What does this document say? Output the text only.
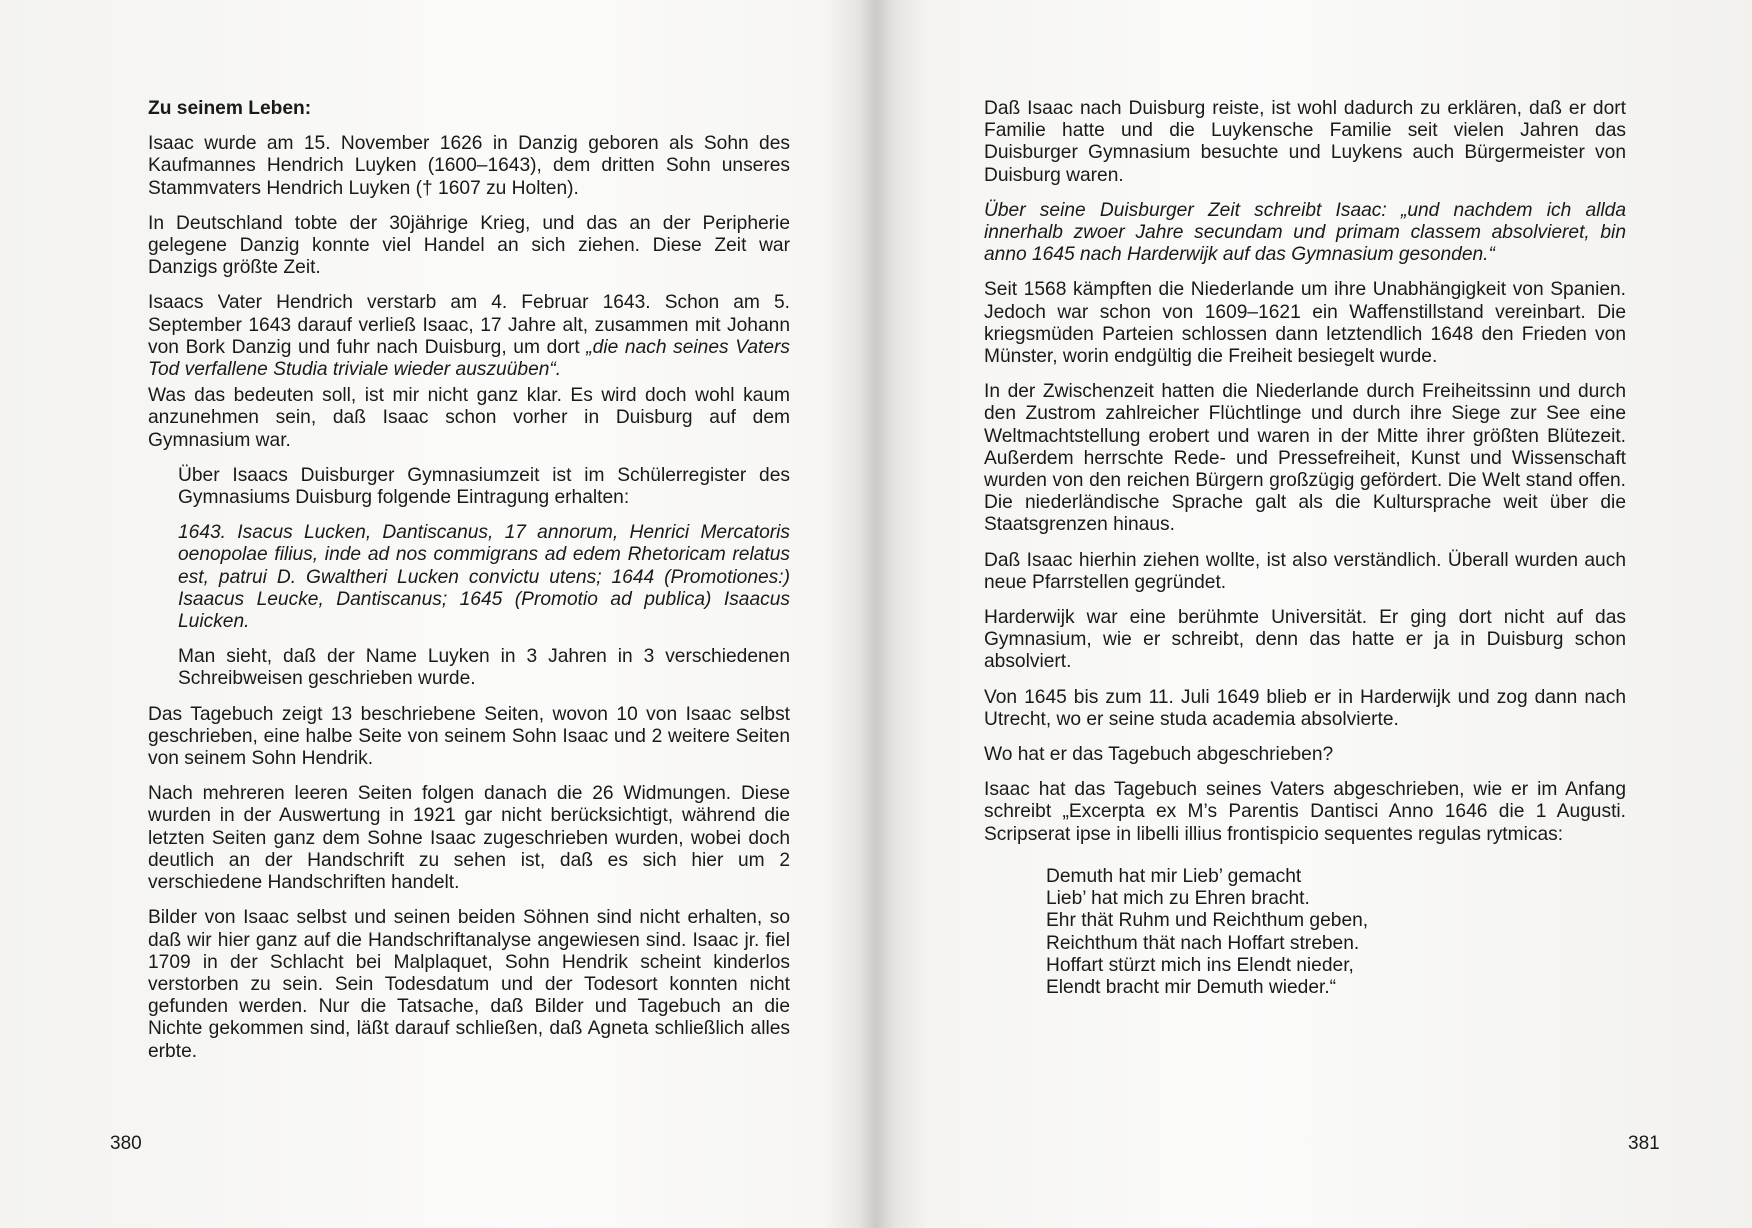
Zu seinem Leben:

Isaac wurde am 15. November 1626 in Danzig geboren als Sohn des Kaufmannes Hendrich Luyken (1600–1643), dem dritten Sohn unseres Stammvaters Hendrich Luyken († 1607 zu Holten).

In Deutschland tobte der 30jährige Krieg, und das an der Peripherie gelegene Danzig konnte viel Handel an sich ziehen. Diese Zeit war Danzigs größte Zeit.

Isaacs Vater Hendrich verstarb am 4. Februar 1643. Schon am 5. September 1643 darauf verließ Isaac, 17 Jahre alt, zusammen mit Johann von Bork Danzig und fuhr nach Duisburg, um dort „die nach seines Vaters Tod verfallene Studia triviale wieder auszuüben“.

Was das bedeuten soll, ist mir nicht ganz klar. Es wird doch wohl kaum anzunehmen sein, daß Isaac schon vorher in Duisburg auf dem Gymnasium war.

Über Isaacs Duisburger Gymnasiumzeit ist im Schülerregister des Gymnasiums Duisburg folgende Eintragung erhalten:

1643. Isacus Lucken, Dantiscanus, 17 annorum, Henrici Mercatoris oenopolae filius, inde ad nos commigrans ad edem Rhetoricam relatus est, patrui D. Gwaltheri Lucken convictu utens; 1644 (Promotiones:) Isaacus Leucke, Dantiscanus; 1645 (Promotio ad publica) Isaacus Luicken.

Man sieht, daß der Name Luyken in 3 Jahren in 3 verschiedenen Schreibweisen geschrieben wurde.

Das Tagebuch zeigt 13 beschriebene Seiten, wovon 10 von Isaac selbst geschrieben, eine halbe Seite von seinem Sohn Isaac und 2 weitere Seiten von seinem Sohn Hendrik.

Nach mehreren leeren Seiten folgen danach die 26 Widmungen. Diese wurden in der Auswertung in 1921 gar nicht berücksichtigt, während die letzten Seiten ganz dem Sohne Isaac zugeschrieben wurden, wobei doch deutlich an der Handschrift zu sehen ist, daß es sich hier um 2 verschiedene Handschriften handelt.

Bilder von Isaac selbst und seinen beiden Söhnen sind nicht erhalten, so daß wir hier ganz auf die Handschriftanalyse angewiesen sind. Isaac jr. fiel 1709 in der Schlacht bei Malplaquet, Sohn Hendrik scheint kinderlos verstorben zu sein. Sein Todesdatum und der Todesort konnten nicht gefunden werden. Nur die Tatsache, daß Bilder und Tagebuch an die Nichte gekommen sind, läßt darauf schließen, daß Agneta schließlich alles erbte.

380

Daß Isaac nach Duisburg reiste, ist wohl dadurch zu erklären, daß er dort Familie hatte und die Luykensche Familie seit vielen Jahren das Duisburger Gymnasium besuchte und Luykens auch Bürgermeister von Duisburg waren.

Über seine Duisburger Zeit schreibt Isaac: „und nachdem ich allda innerhalb zwoer Jahre secundam und primam classem absolvieret, bin anno 1645 nach Harderwijk auf das Gymnasium gesonden.“

Seit 1568 kämpften die Niederlande um ihre Unabhängigkeit von Spanien. Jedoch war schon von 1609–1621 ein Waffenstillstand vereinbart. Die kriegsmüden Parteien schlossen dann letztendlich 1648 den Frieden von Münster, worin endgültig die Freiheit besiegelt wurde.

In der Zwischenzeit hatten die Niederlande durch Freiheitssinn und durch den Zustrom zahlreicher Flüchtlinge und durch ihre Siege zur See eine Weltmachtstellung erobert und waren in der Mitte ihrer größten Blütezeit. Außerdem herrschte Rede- und Pressefreiheit, Kunst und Wissenschaft wurden von den reichen Bürgern großzügig gefördert. Die Welt stand offen. Die niederländische Sprache galt als die Kultursprache weit über die Staatsgrenzen hinaus.

Daß Isaac hierhin ziehen wollte, ist also verständlich. Überall wurden auch neue Pfarrstellen gegründet.

Harderwijk war eine berühmte Universität. Er ging dort nicht auf das Gymnasium, wie er schreibt, denn das hatte er ja in Duisburg schon absolviert.

Von 1645 bis zum 11. Juli 1649 blieb er in Harderwijk und zog dann nach Utrecht, wo er seine studa academia absolvierte.

Wo hat er das Tagebuch abgeschrieben?

Isaac hat das Tagebuch seines Vaters abgeschrieben, wie er im Anfang schreibt „Excerpta ex M’s Parentis Dantisci Anno 1646 die 1 Augusti. Scripserat ipse in libelli illius frontispicio sequentes regulas rytmicas:

Demuth hat mir Lieb’ gemacht
Lieb’ hat mich zu Ehren bracht.
Ehr thät Ruhm und Reichthum geben,
Reichthum thät nach Hoffart streben.
Hoffart stürzt mich ins Elendt nieder,
Elendt bracht mir Demuth wieder.“
381
